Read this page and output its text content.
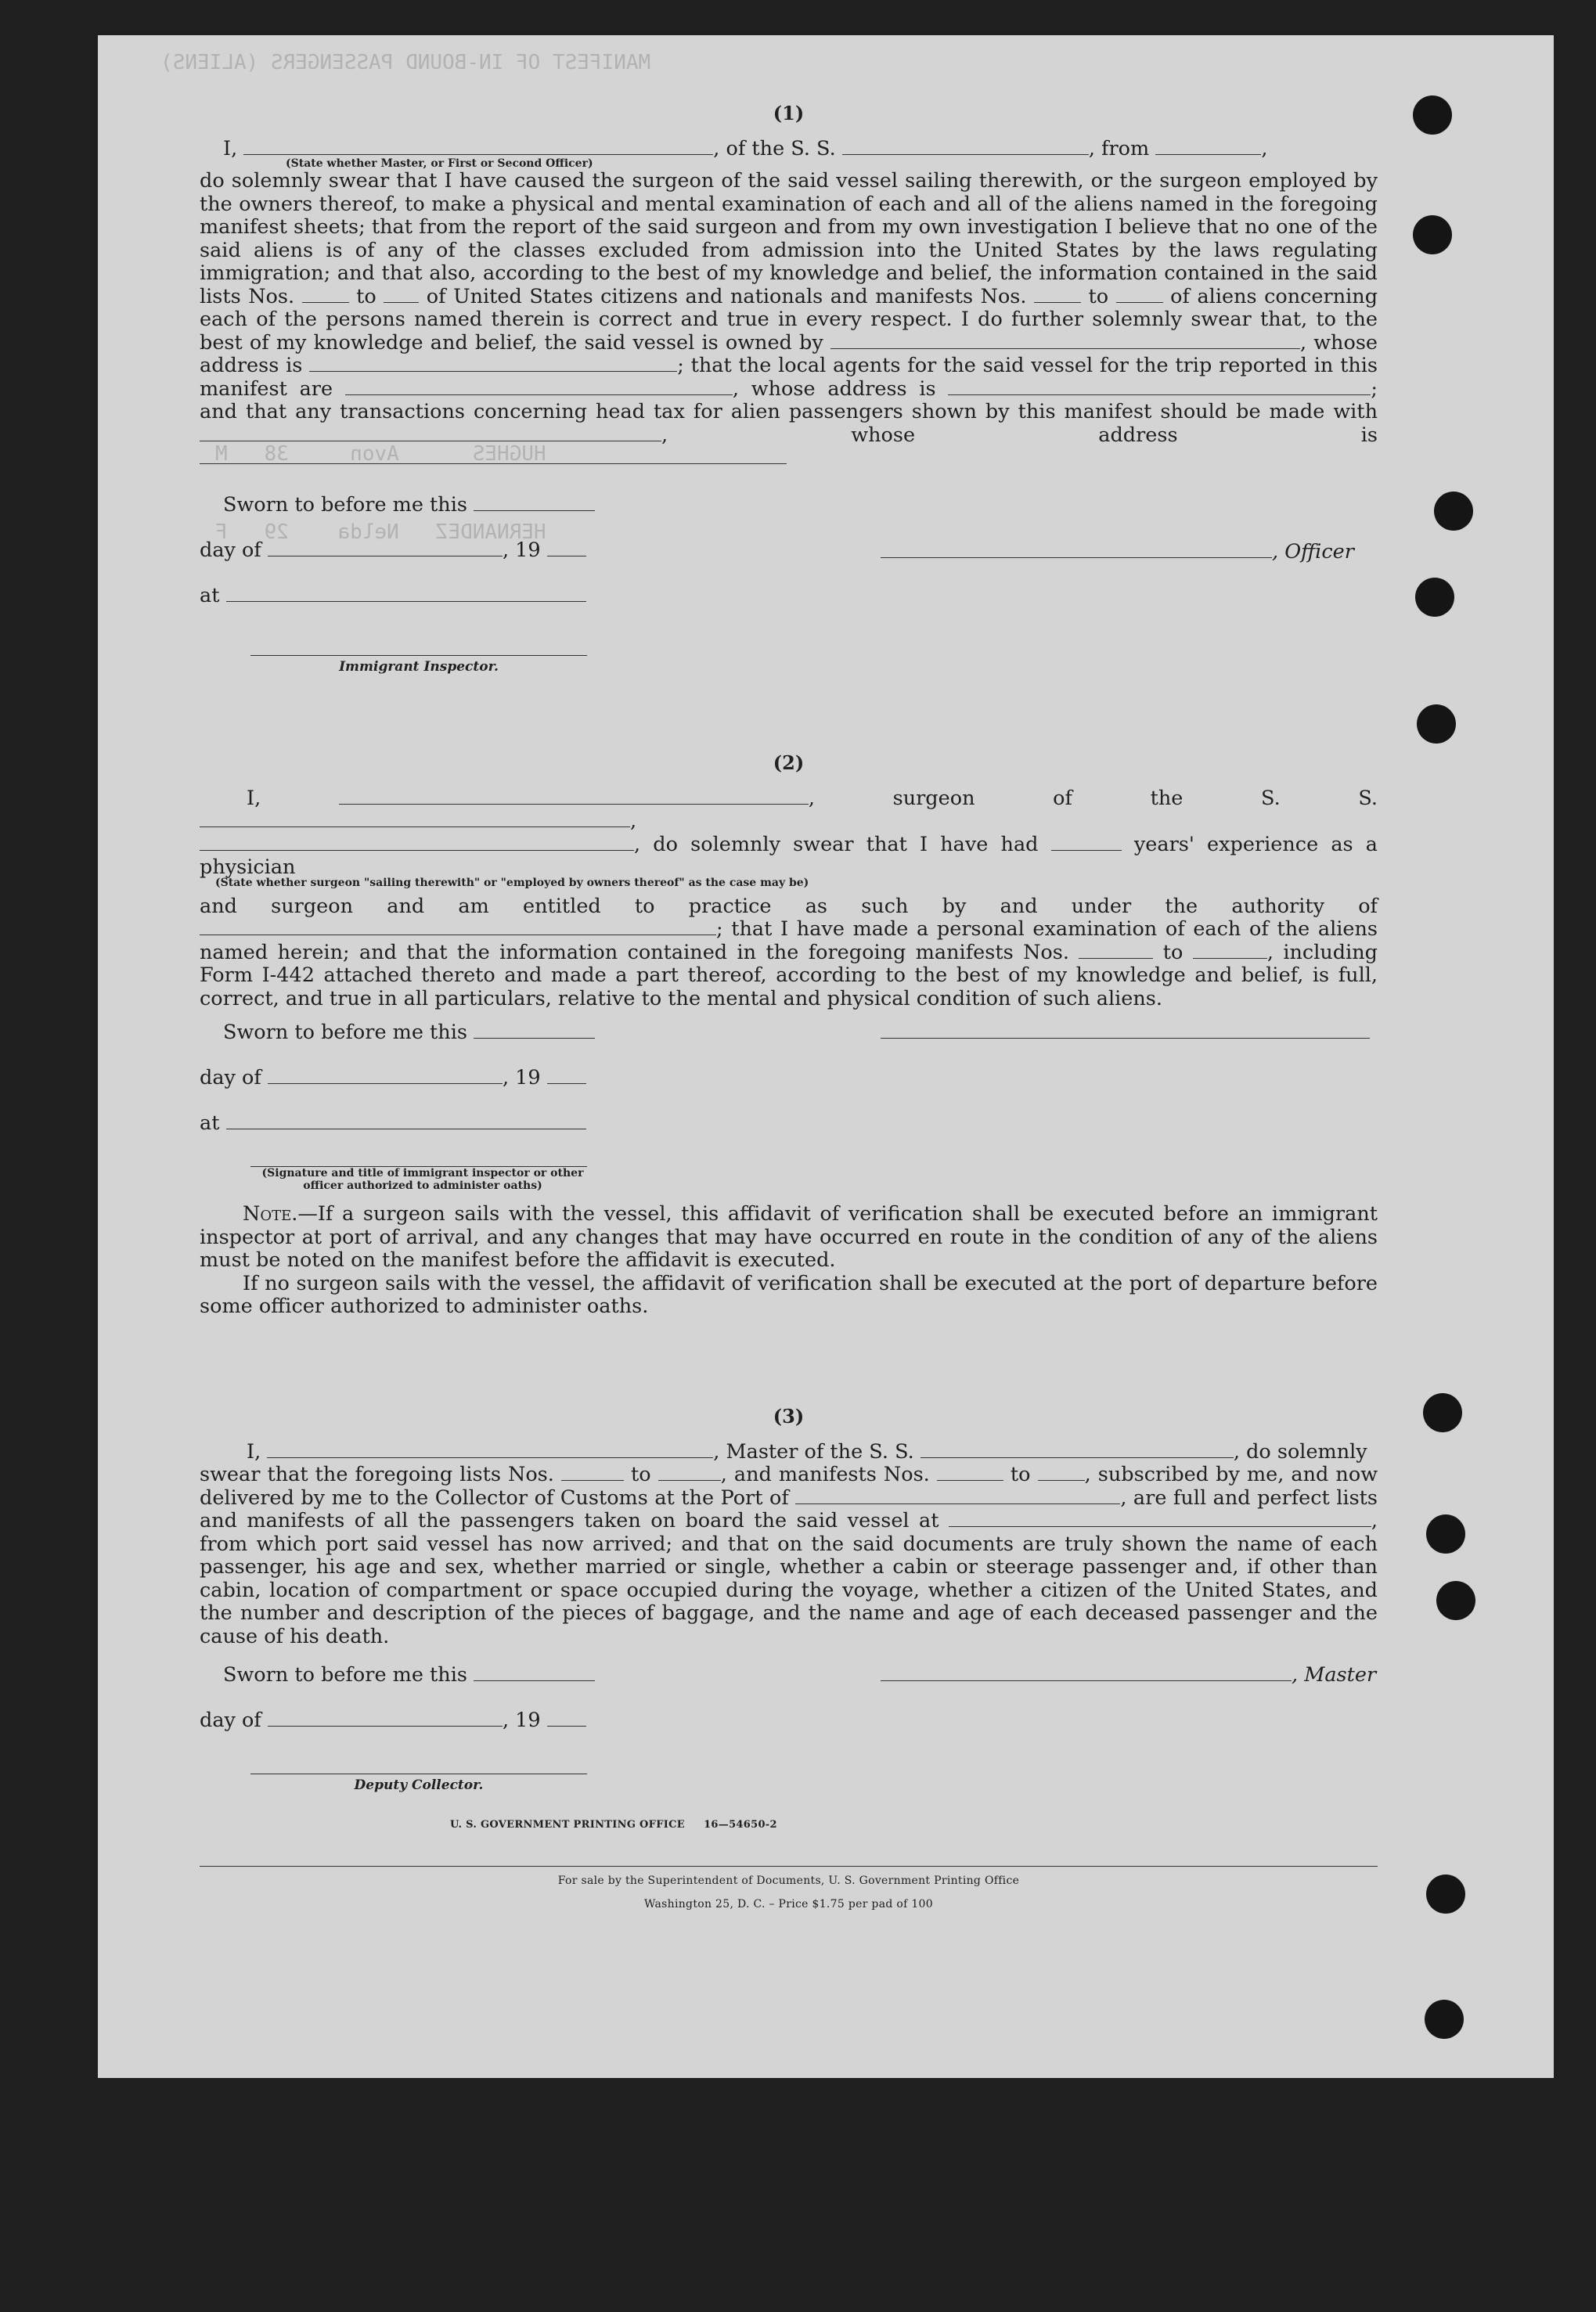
MANIFEST OF IN-BOUND PASSENGERS (ALIENS)
HUGHES      Avon     38   M
HERNANDEZ   Nelda    29   F
(1)

I,	, of the S. S.	, from	,

(State whether Master, or First or Second Officer)

do solemnly swear that I have caused the surgeon of the said vessel sailing therewith, or the surgeon employed by the owners thereof, to make a physical and mental examination of each and all of the aliens named in the foregoing manifest sheets; that from the report of the said surgeon and from my own investigation I believe that no one of the said aliens is of any of the classes excluded from admission into the United States by the laws regulating immigration; and that also, according to the best of my knowledge and belief, the information contained in the said lists Nos.	to	of United States citizens and nationals and manifests Nos.	to	of aliens concerning each of the persons named therein is correct and true in every respect. I do further solemnly swear that, to the best of my knowledge and belief, the said vessel is owned by	, whose address is	; that the local agents for the said vessel for the trip reported in this manifest are	, whose address is	; and that any transactions concerning head tax for alien passengers shown by this manifest should be made with , whose address is

Sworn to before me this
day of	, 19
at
, Officer
Immigrant Inspector.
(2)

I,	, surgeon of the S. S. ,

, do solemnly swear that I have had	years' experience as a physician

(State whether surgeon "sailing therewith" or "employed by owners thereof" as the case may be)

and surgeon and am entitled to practice as such by and under the authority of ; that I have made a personal examination of each of the aliens named herein; and that the information contained in the foregoing manifests Nos.	to	, including Form I-442 attached thereto and made a part thereof, according to the best of my knowledge and belief, is full, correct, and true in all particulars, relative to the mental and physical condition of such aliens.

Sworn to before me this
day of	, 19
at
(Signature and title of immigrant inspector or other officer authorized to administer oaths)

Note.—If a surgeon sails with the vessel, this affidavit of verification shall be executed before an immigrant inspector at port of arrival, and any changes that may have occurred en route in the condition of any of the aliens must be noted on the manifest before the affidavit is executed.

If no surgeon sails with the vessel, the affidavit of verification shall be executed at the port of departure before some officer authorized to administer oaths.

(3)

I,	, Master of the S. S.	, do solemnly

swear that the foregoing lists Nos.	to	, and manifests Nos.	to	, subscribed by me, and now delivered by me to the Collector of Customs at the Port of	, are full and perfect lists and manifests of all the passengers taken on board the said vessel at	, from which port said vessel has now arrived; and that on the said documents are truly shown the name of each passenger, his age and sex, whether married or single, whether a cabin or steerage passenger and, if other than cabin, location of compartment or space occupied during the voyage, whether a citizen of the United States, and the number and description of the pieces of baggage, and the name and age of each deceased passenger and the cause of his death.

Sworn to before me this	, Master
day of	, 19
Deputy Collector.
U. S. GOVERNMENT PRINTING OFFICE     16—54650-2
For sale by the Superintendent of Documents, U. S. Government Printing Office
Washington 25, D. C. – Price $1.75 per pad of 100
